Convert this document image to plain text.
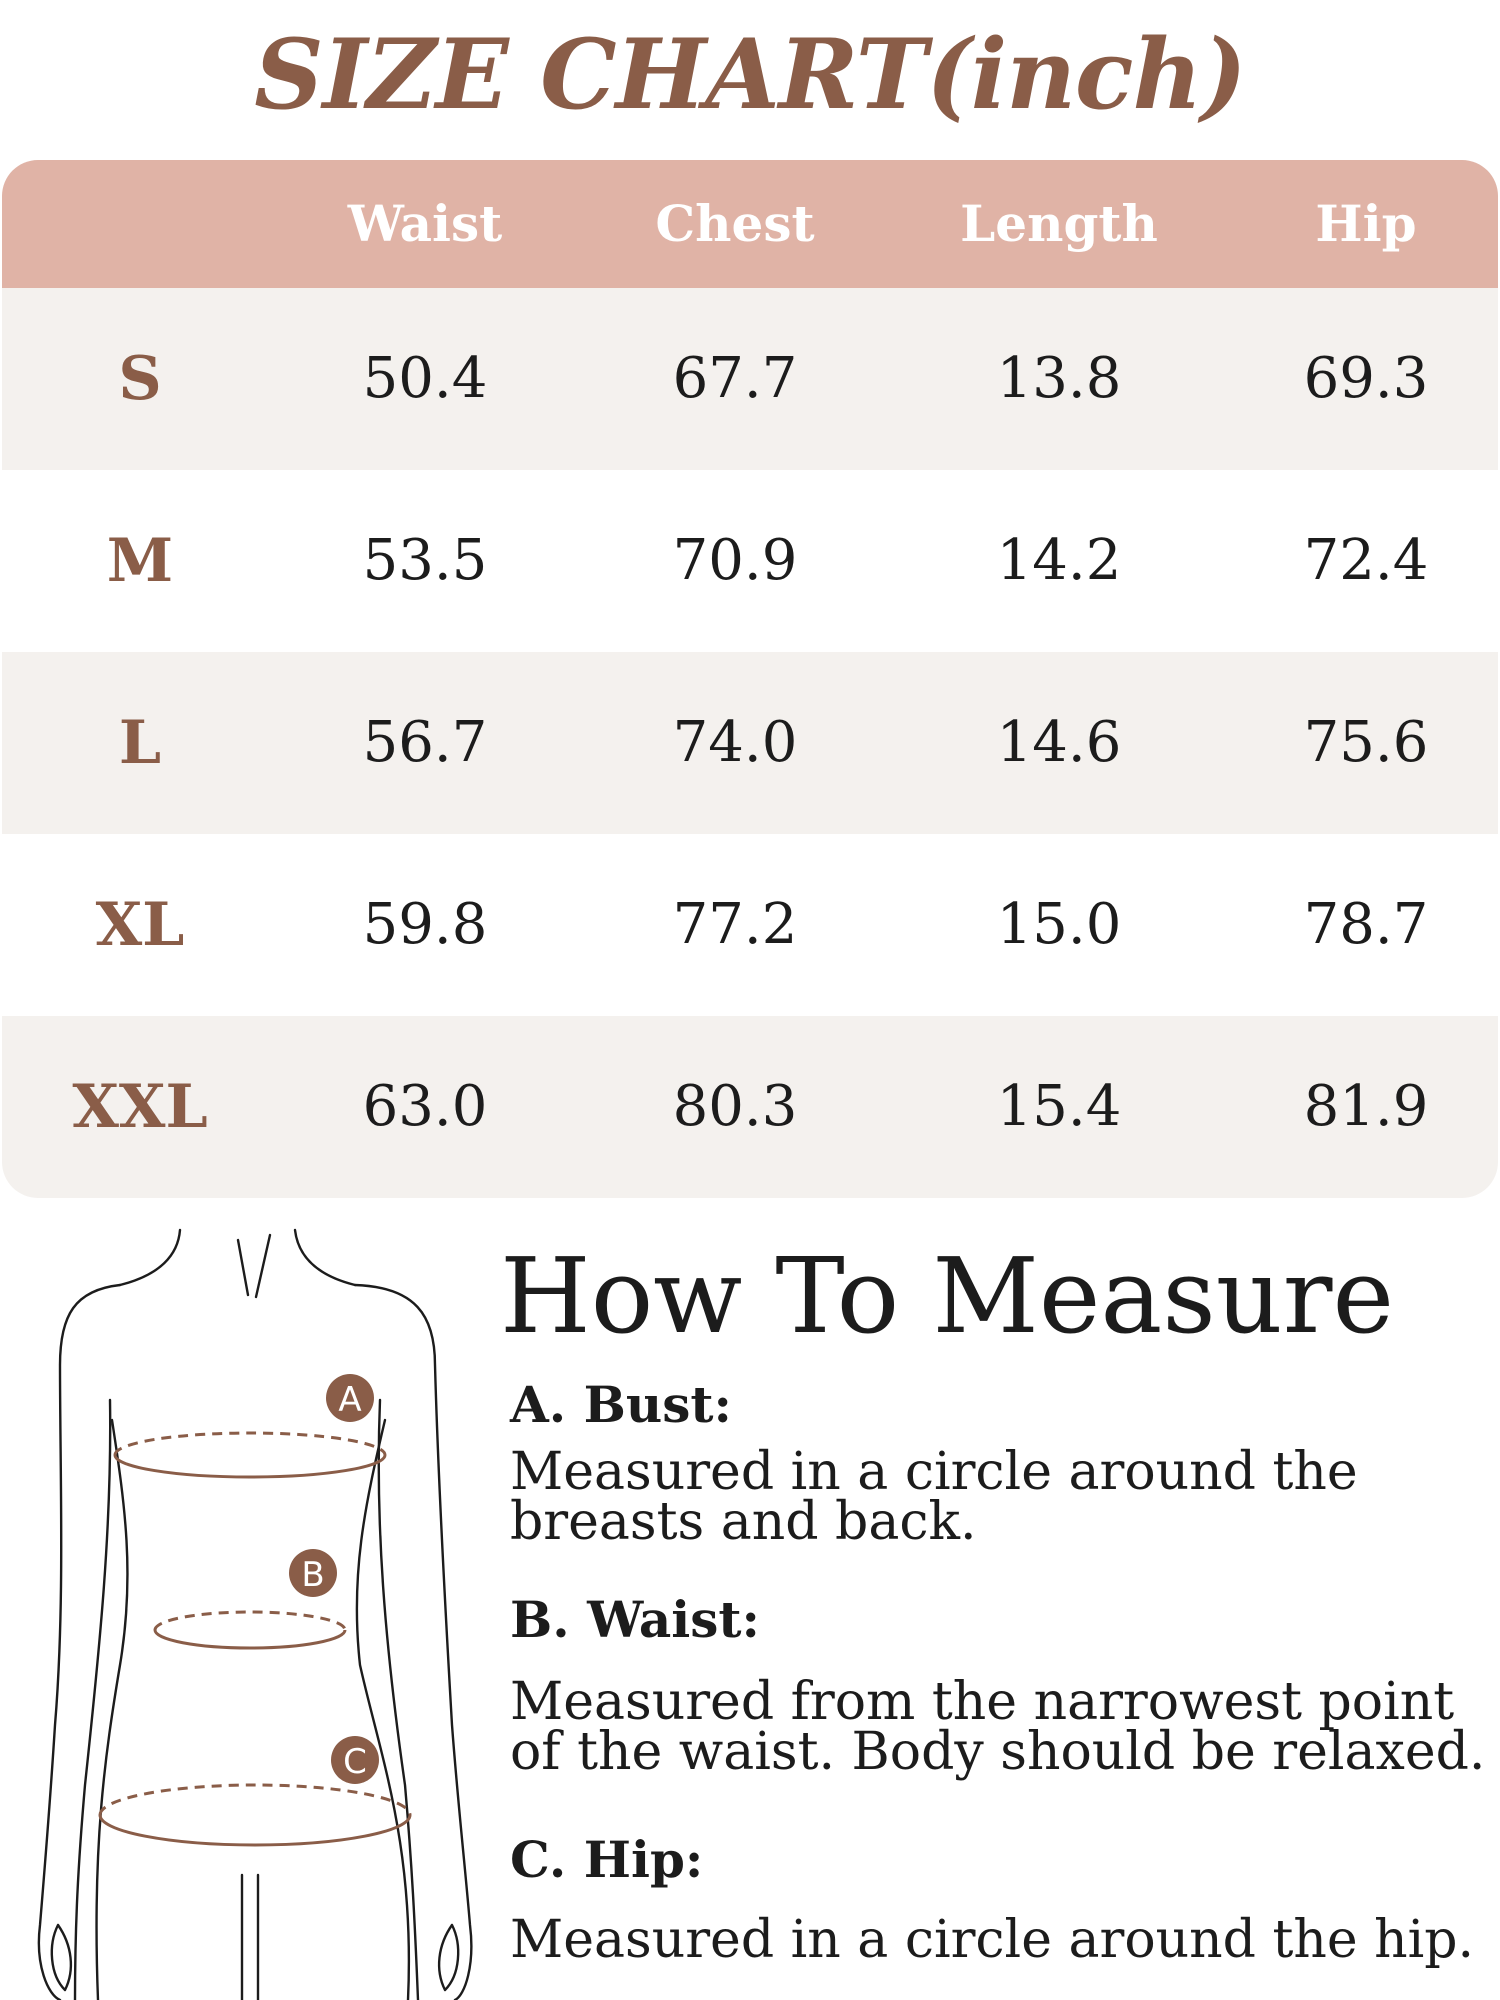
SIZE CHART(inch)
Waist	Chest	Length	Hip
S	50.4	67.7	13.8	69.3
M	53.5	70.9	14.2	72.4
L	56.7	74.0	14.6	75.6
XL	59.8	77.2	15.0	78.7
XXL	63.0	80.3	15.4	81.9
A
B
C
How To Measure
A. Bust:
Measured in a circle around the breasts and back.
B. Waist:
Measured from the narrowest point of the waist. Body should be relaxed.
C. Hip:
Measured in a circle around the hip.
